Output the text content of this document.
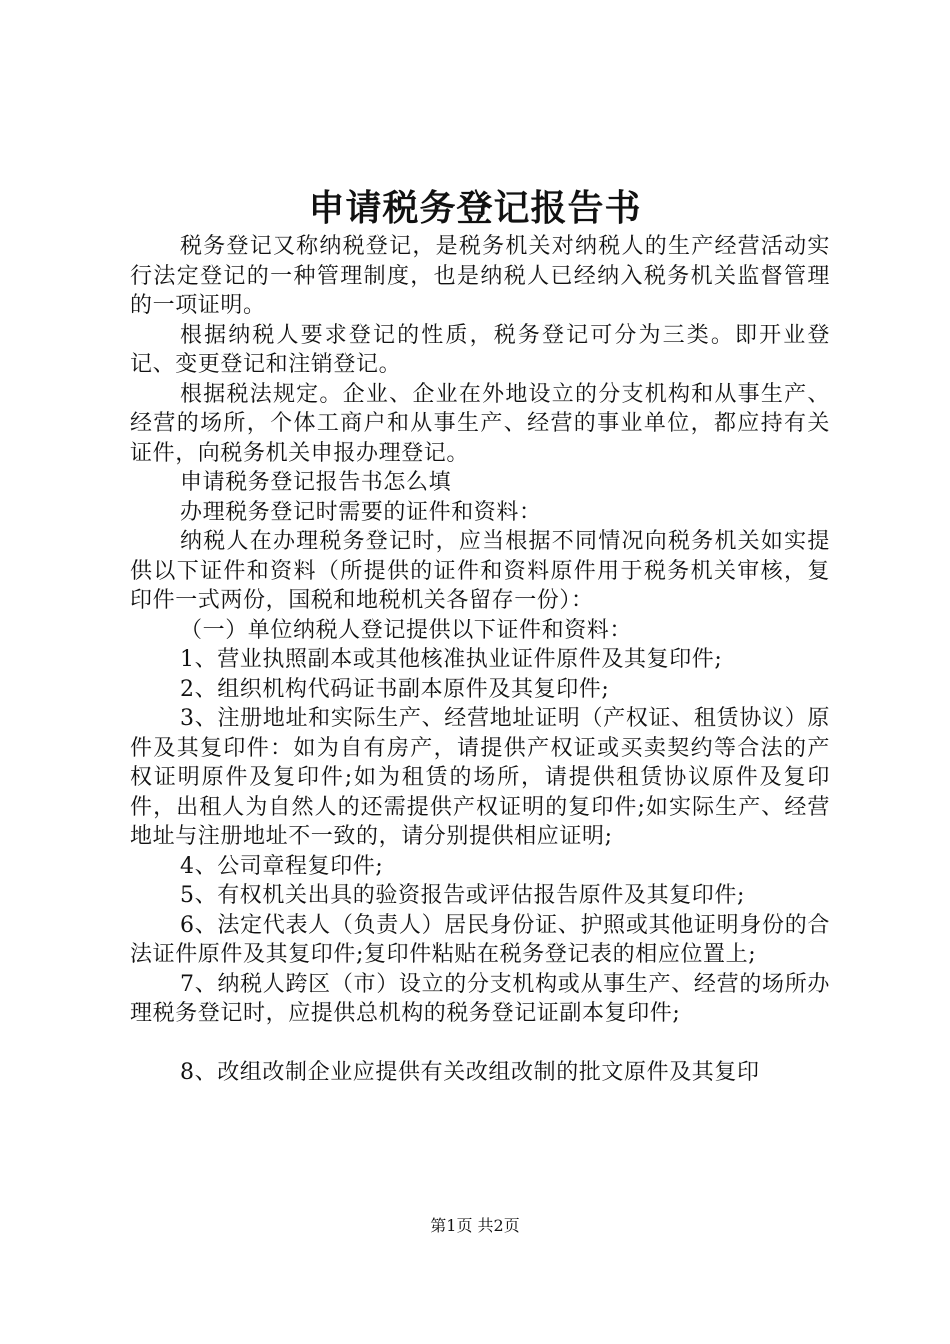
申请税务登记报告书

税务登记又称纳税登记，是税务机关对纳税人的生产经营活动实行法定登记的一种管理制度，也是纳税人已经纳入税务机关监督管理的一项证明。

根据纳税人要求登记的性质，税务登记可分为三类。即开业登记、变更登记和注销登记。

根据税法规定。企业、企业在外地设立的分支机构和从事生产、经营的场所，个体工商户和从事生产、经营的事业单位，都应持有关证件，向税务机关申报办理登记。

申请税务登记报告书怎么填

办理税务登记时需要的证件和资料：

纳税人在办理税务登记时，应当根据不同情况向税务机关如实提供以下证件和资料（所提供的证件和资料原件用于税务机关审核，复印件一式两份，国税和地税机关各留存一份）：

（一）单位纳税人登记提供以下证件和资料：

1、营业执照副本或其他核准执业证件原件及其复印件;

2、组织机构代码证书副本原件及其复印件;

3、注册地址和实际生产、经营地址证明（产权证、租赁协议）原件及其复印件：如为自有房产，请提供产权证或买卖契约等合法的产权证明原件及复印件;如为租赁的场所，请提供租赁协议原件及复印件，出租人为自然人的还需提供产权证明的复印件;如实际生产、经营地址与注册地址不一致的，请分别提供相应证明;

4、公司章程复印件;

5、有权机关出具的验资报告或评估报告原件及其复印件;

6、法定代表人（负责人）居民身份证、护照或其他证明身份的合法证件原件及其复印件;复印件粘贴在税务登记表的相应位置上;

7、纳税人跨区（市）设立的分支机构或从事生产、经营的场所办理税务登记时，应提供总机构的税务登记证副本复印件;

8、改组改制企业应提供有关改组改制的批文原件及其复印

第1页 共2页
